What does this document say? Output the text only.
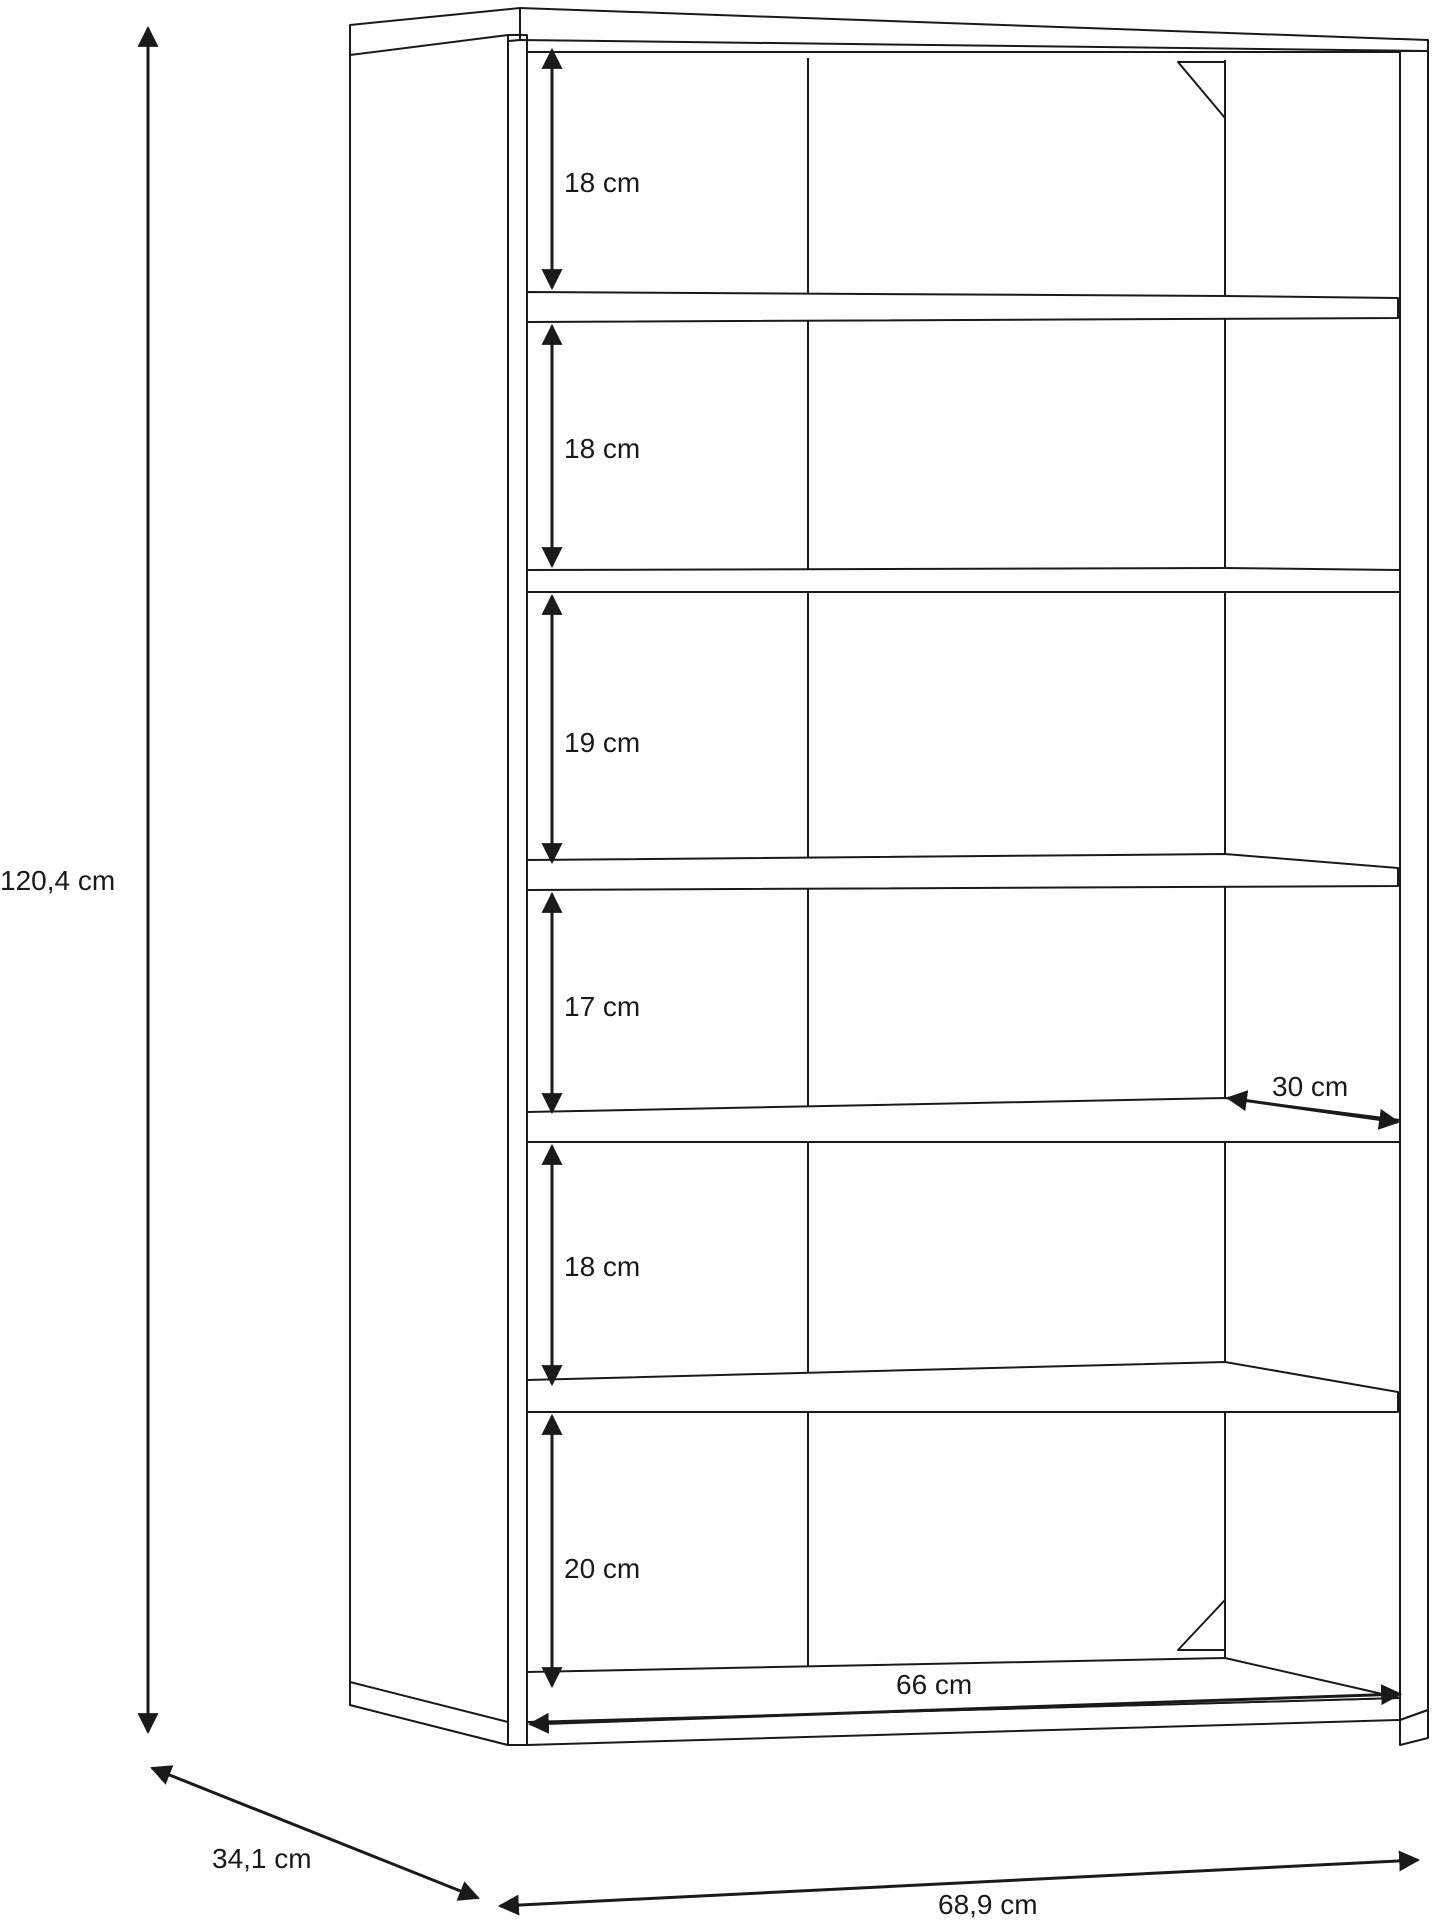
120,4 cm
34,1 cm
68,9 cm
66 cm
30 cm
18 cm
18 cm
19 cm
17 cm
18 cm
20 cm
